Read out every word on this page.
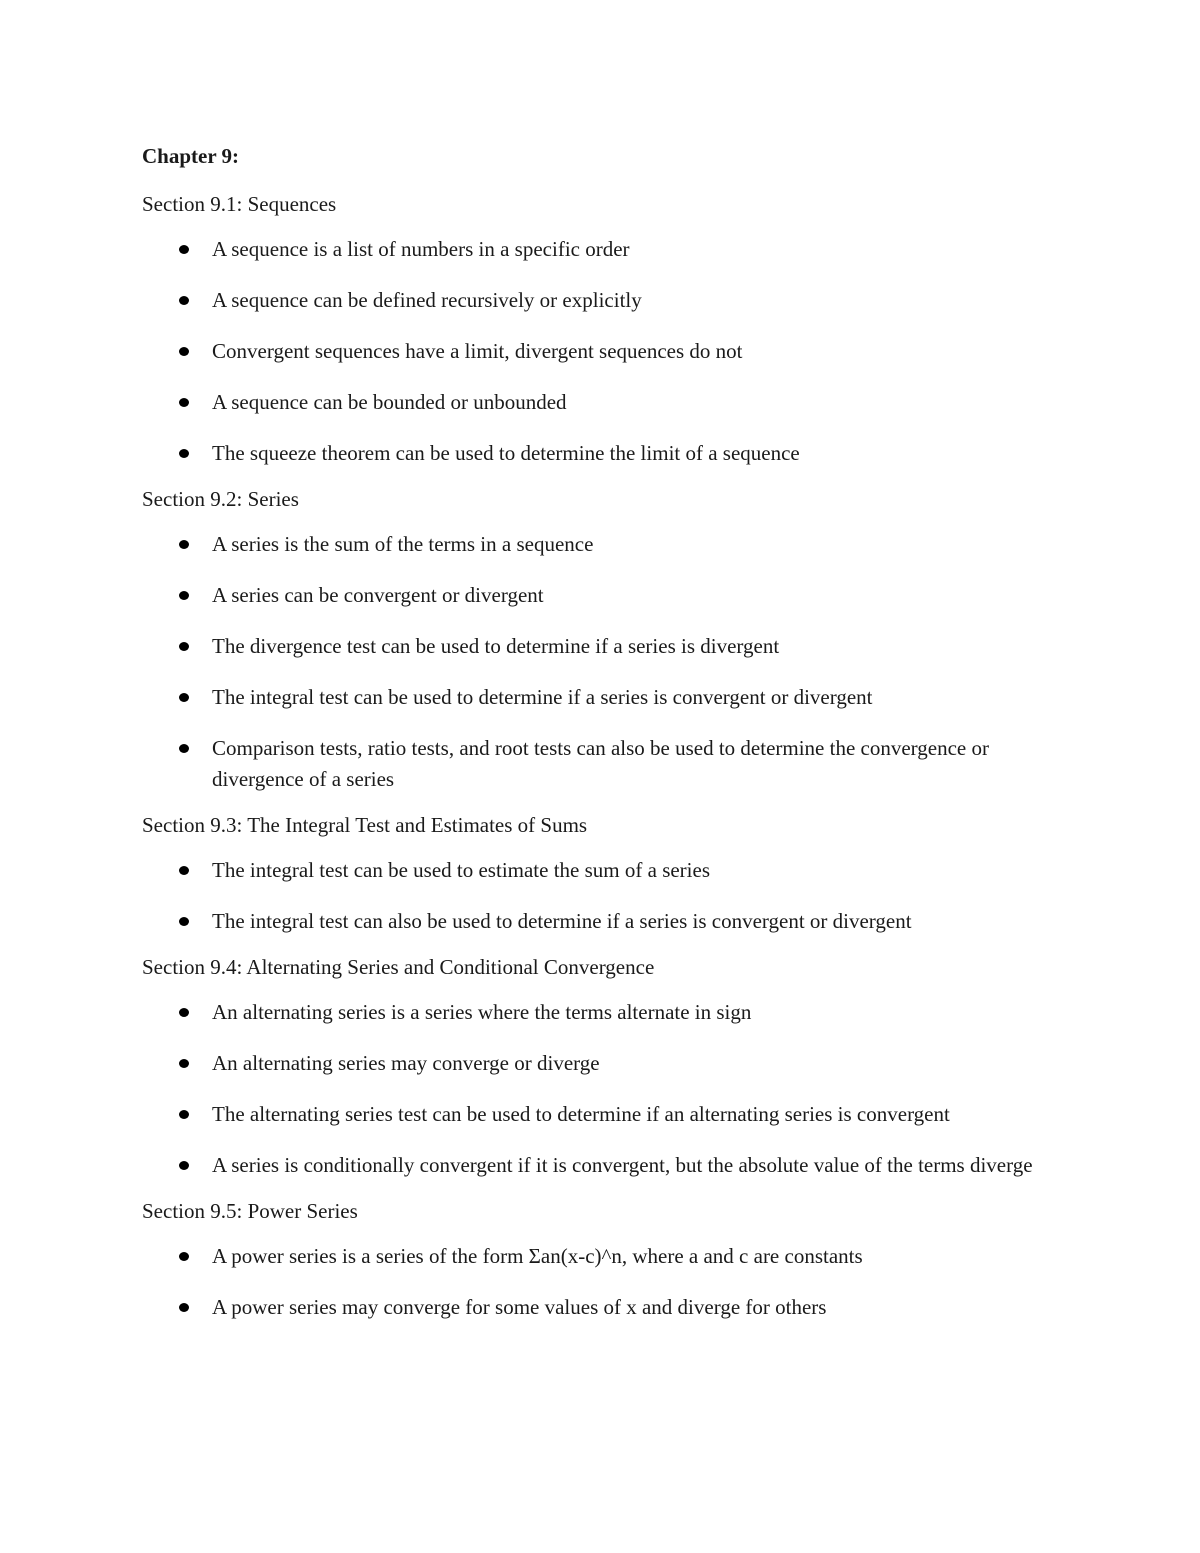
Chapter 9:
Section 9.1: Sequences
A sequence is a list of numbers in a specific order
A sequence can be defined recursively or explicitly
Convergent sequences have a limit, divergent sequences do not
A sequence can be bounded or unbounded
The squeeze theorem can be used to determine the limit of a sequence
Section 9.2: Series
A series is the sum of the terms in a sequence
A series can be convergent or divergent
The divergence test can be used to determine if a series is divergent
The integral test can be used to determine if a series is convergent or divergent
Comparison tests, ratio tests, and root tests can also be used to determine the convergence or divergence of a series
Section 9.3: The Integral Test and Estimates of Sums
The integral test can be used to estimate the sum of a series
The integral test can also be used to determine if a series is convergent or divergent
Section 9.4: Alternating Series and Conditional Convergence
An alternating series is a series where the terms alternate in sign
An alternating series may converge or diverge
The alternating series test can be used to determine if an alternating series is convergent
A series is conditionally convergent if it is convergent, but the absolute value of the terms diverge
Section 9.5: Power Series
A power series is a series of the form Σan(x-c)^n, where a and c are constants
A power series may converge for some values of x and diverge for others
